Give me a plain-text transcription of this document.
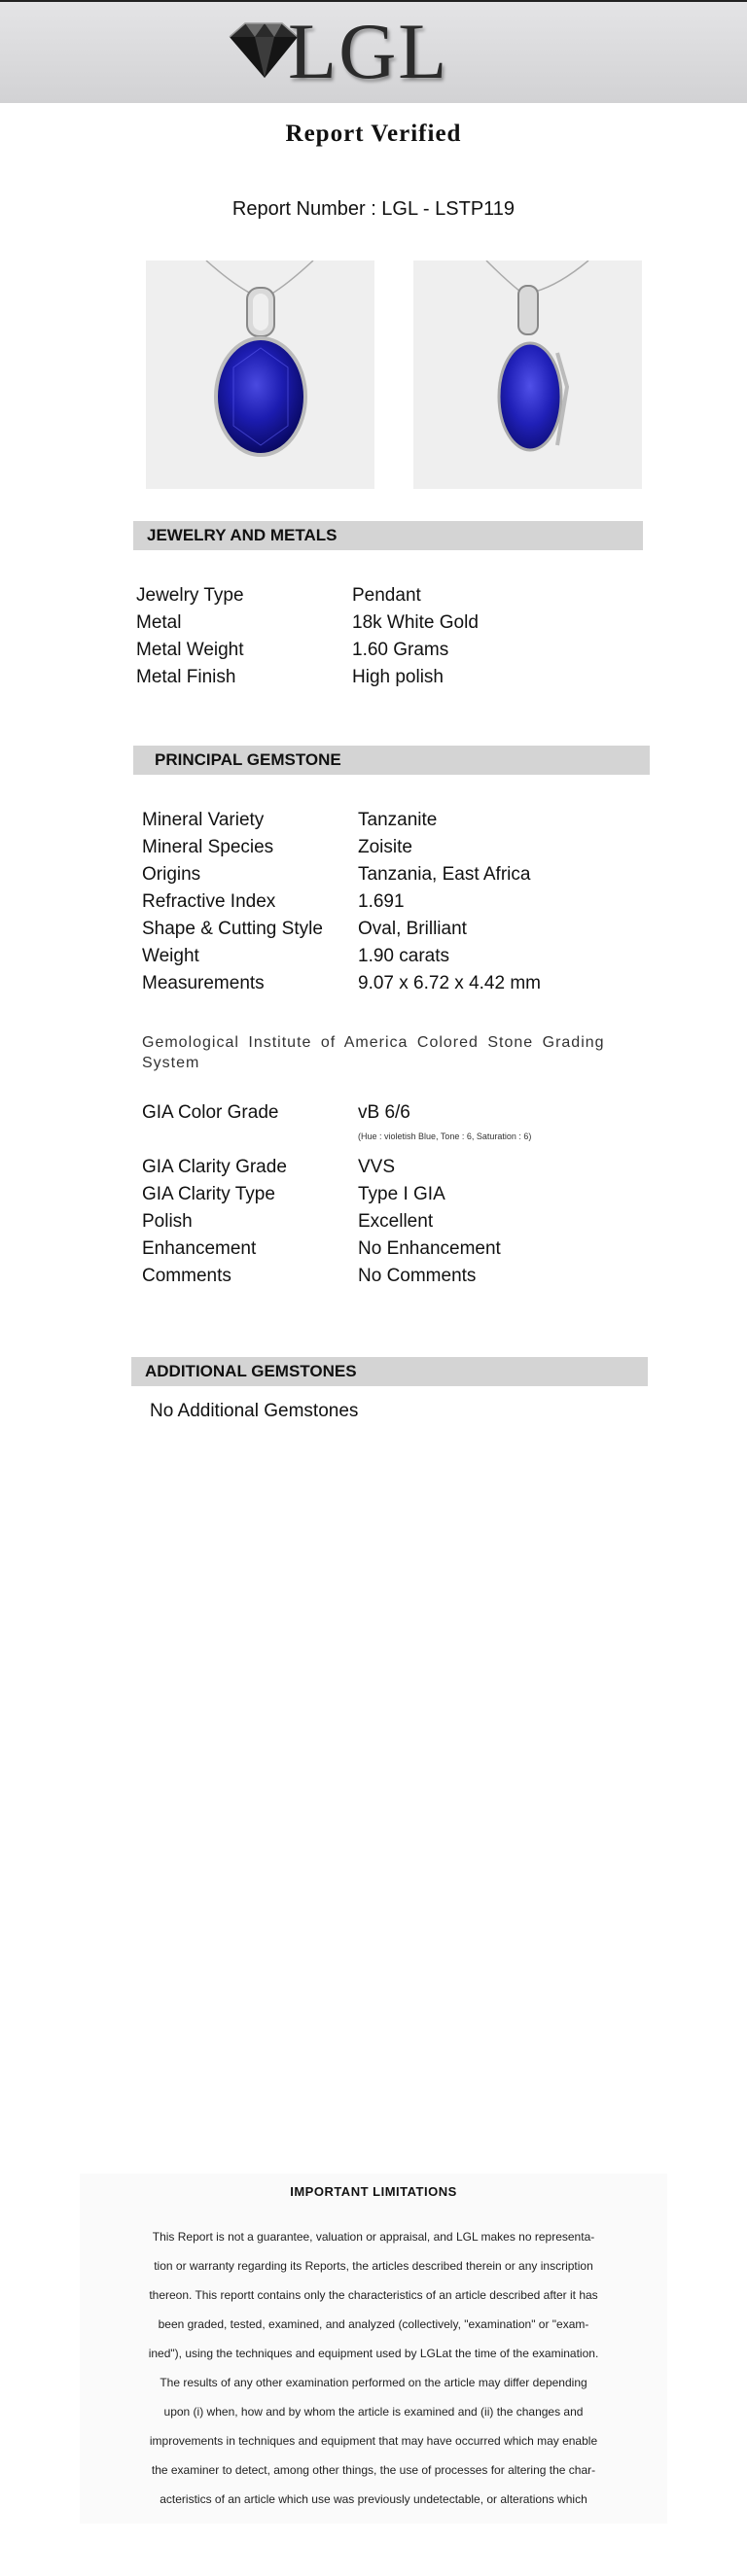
LGL
Report Verified
Report Number : LGL - LSTP119
JEWELRY AND METALS
Jewelry Type	Pendant
Metal	18k White Gold
Metal Weight	1.60 Grams
Metal Finish	High polish
PRINCIPAL GEMSTONE
Mineral Variety	Tanzanite
Mineral Species	Zoisite
Origins	Tanzania, East Africa
Refractive Index	1.691
Shape & Cutting Style	Oval, Brilliant
Weight	1.90 carats
Measurements	9.07 x 6.72 x 4.42 mm
Gemological Institute of America Colored Stone Grading System
GIA Color Grade	vB 6/6
(Hue : violetish Blue, Tone : 6, Saturation : 6)
GIA Clarity Grade	VVS
GIA Clarity Type	Type I GIA
Polish	Excellent
Enhancement	No Enhancement
Comments	No Comments
ADDITIONAL GEMSTONES
No Additional Gemstones
IMPORTANT LIMITATIONS
This Report is not a guarantee, valuation or appraisal, and LGL makes no representa-
tion or warranty regarding its Reports, the articles described therein or any inscription
thereon. This reportt contains only the characteristics of an article described after it has
been graded, tested, examined, and analyzed (collectively, "examination" or "exam-
ined"), using the techniques and equipment used by LGLat the time of the examination.
The results of any other examination performed on the article may differ depending
upon (i) when, how and by whom the article is examined and (ii) the changes and
improvements in techniques and equipment that may have occurred which may enable
the examiner to detect, among other things, the use of processes for altering the char-
acteristics of an article which use was previously undetectable, or alterations which
